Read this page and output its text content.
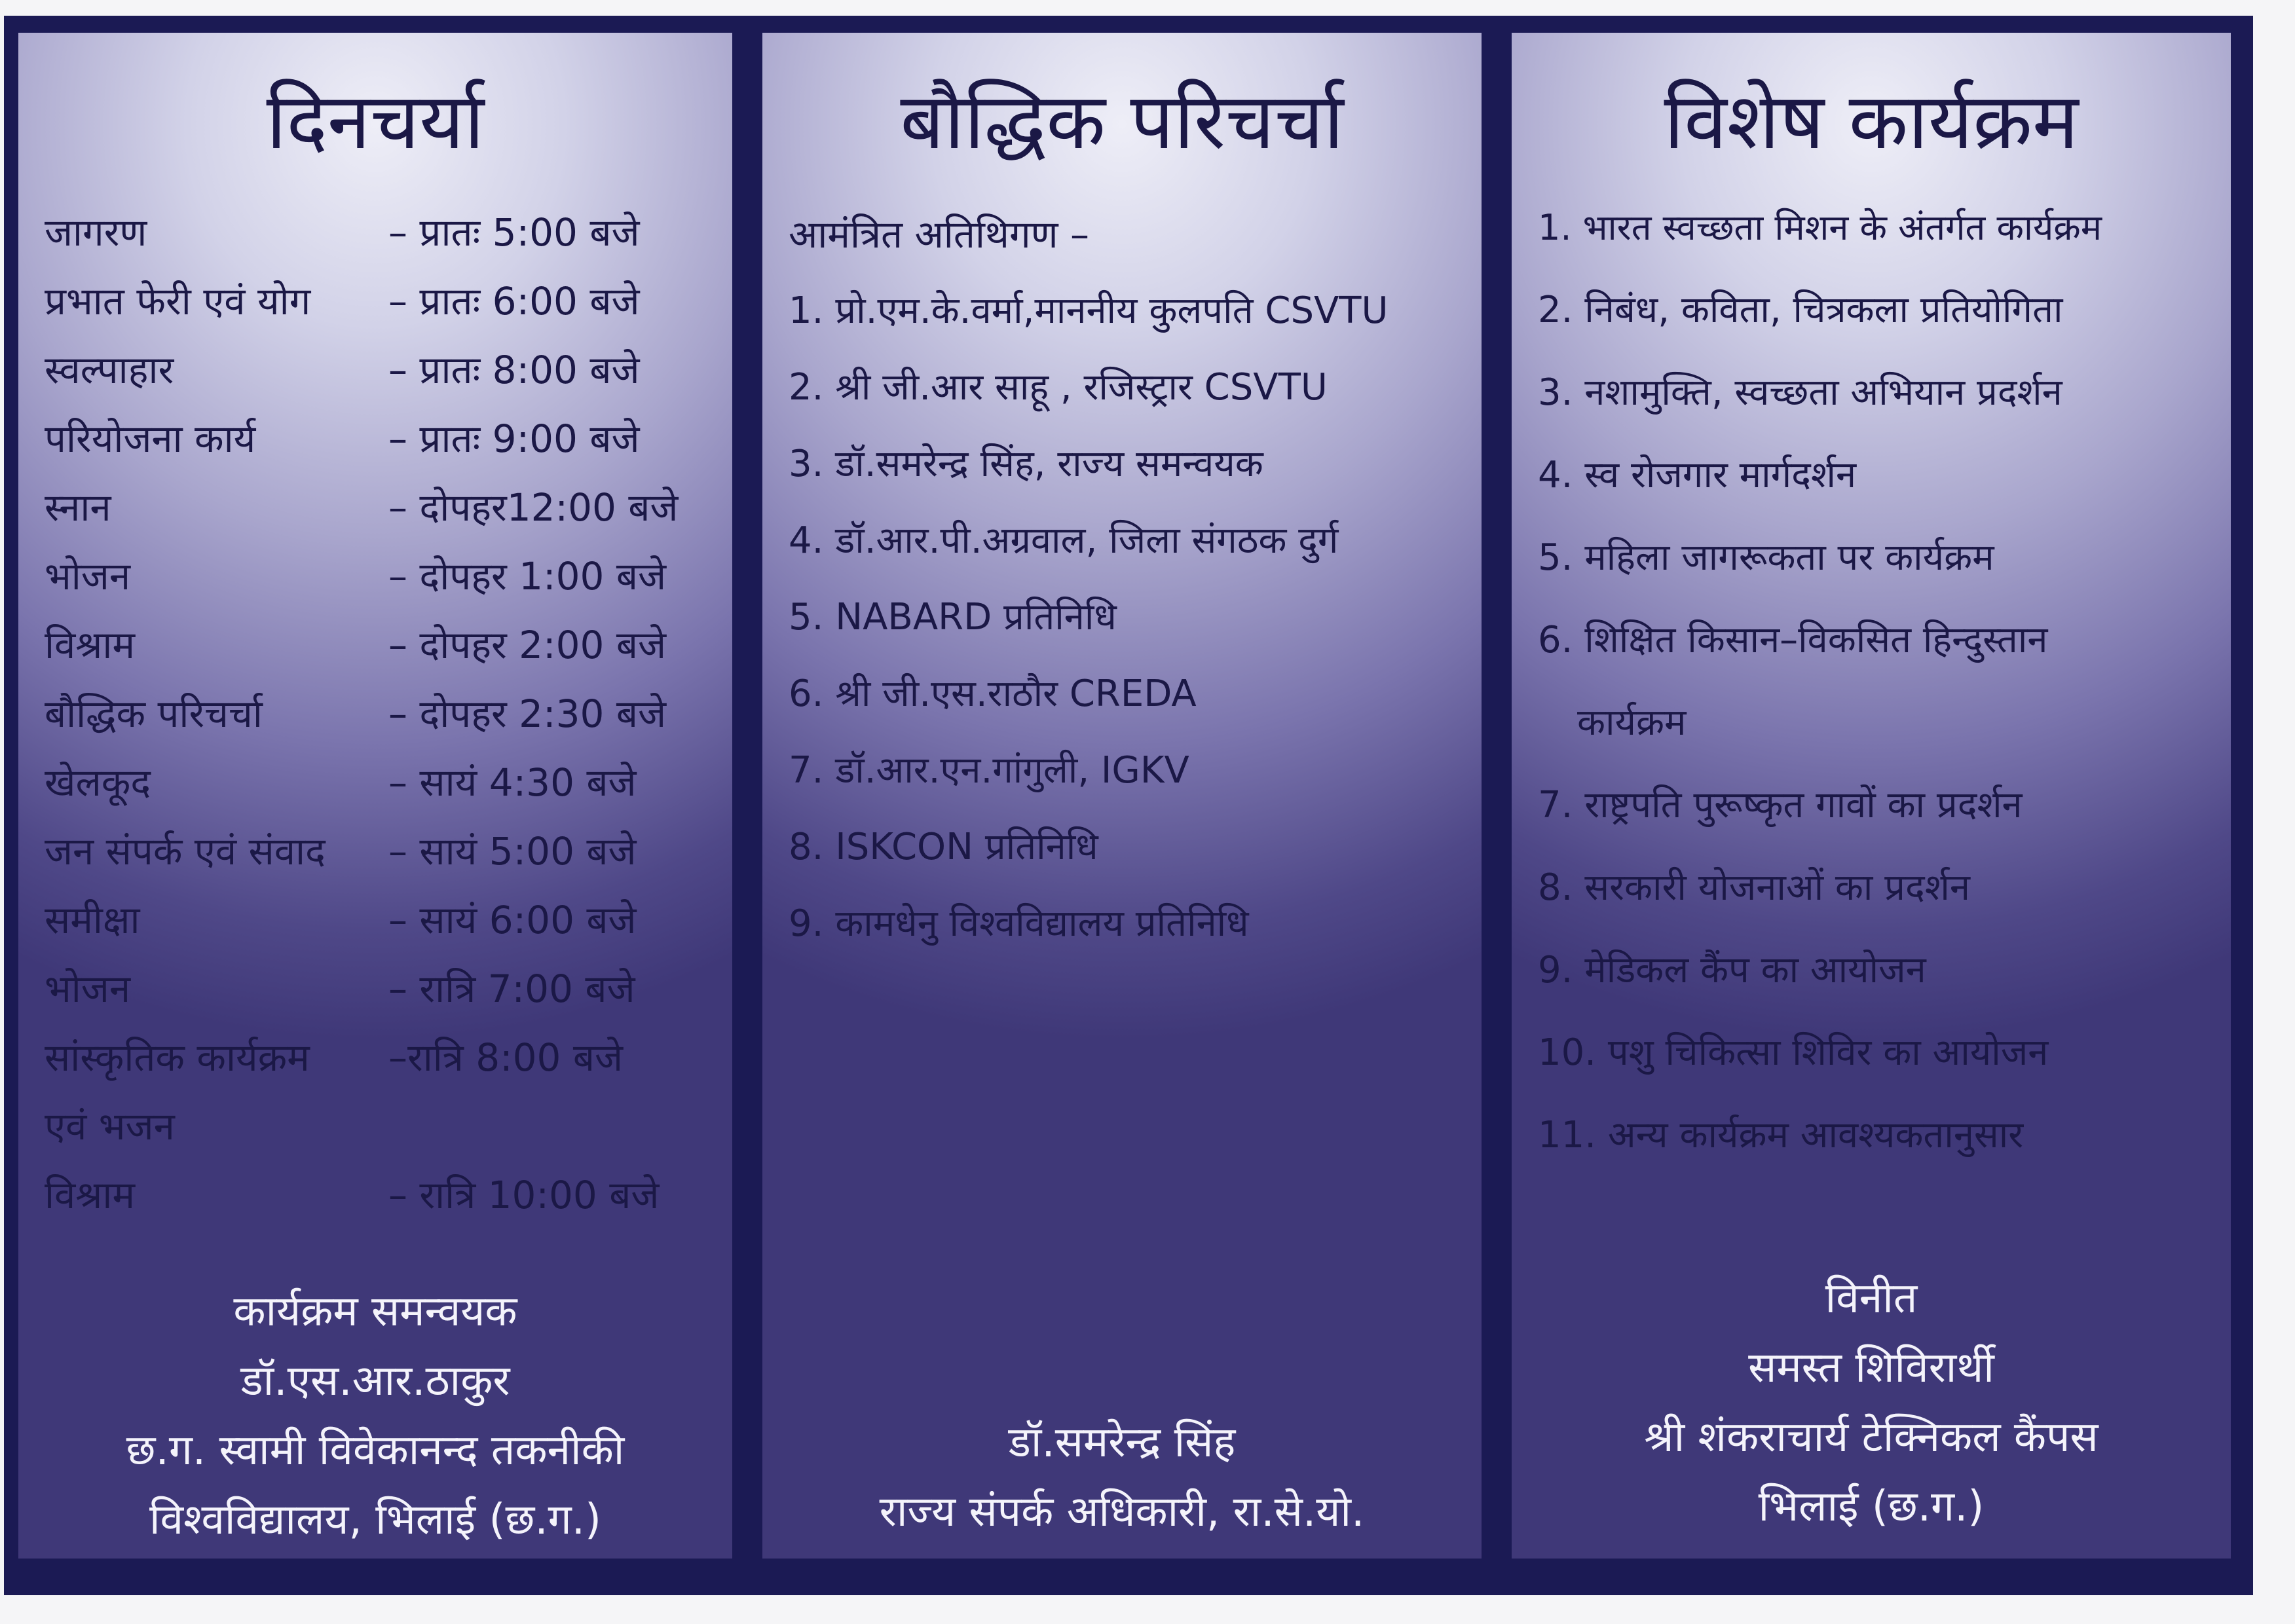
दिनचर्या
जागरण	– प्रातः 5:00 बजे
प्रभात फेरी एवं योग – प्रातः 6:00 बजे
स्वल्पाहार	– प्रातः 8:00 बजे
परियोजना कार्य	– प्रातः 9:00 बजे
स्नान	– दोपहर12:00 बजे
भोजन	– दोपहर 1:00 बजे
विश्राम	– दोपहर 2:00 बजे
बौद्धिक परिचर्चा	– दोपहर 2:30 बजे
खेलकूद	– सायं 4:30 बजे
जन संपर्क एवं संवाद – सायं 5:00 बजे
समीक्षा	– सायं 6:00 बजे
भोजन	– रात्रि 7:00 बजे
सांस्कृतिक कार्यक्रम –रात्रि 8:00 बजे
एवं भजन
विश्राम	– रात्रि 10:00 बजे
कार्यक्रम समन्वयक
डॉ.एस.आर.ठाकुर
छ.ग. स्वामी विवेकानन्द तकनीकी
विश्वविद्यालय, भिलाई (छ.ग.)
बौद्धिक परिचर्चा
आमंत्रित अतिथिगण –
1. प्रो.एम.के.वर्मा,माननीय कुलपति CSVTU
2. श्री जी.आर साहू , रजिस्ट्रार CSVTU
3. डॉ.समरेन्द्र सिंह, राज्य समन्वयक
4. डॉ.आर.पी.अग्रवाल, जिला संगठक दुर्ग
5. NABARD प्रतिनिधि
6. श्री जी.एस.राठौर CREDA
7. डॉ.आर.एन.गांगुली, IGKV
8. ISKCON प्रतिनिधि
9. कामधेनु विश्वविद्यालय प्रतिनिधि
डॉ.समरेन्द्र सिंह
राज्य संपर्क अधिकारी, रा.से.यो.
विशेष कार्यक्रम
1. भारत स्वच्छता मिशन के अंतर्गत कार्यक्रम
2. निबंध, कविता, चित्रकला प्रतियोगिता
3. नशामुक्ति, स्वच्छता अभियान प्रदर्शन
4. स्व रोजगार मार्गदर्शन
5. महिला जागरूकता पर कार्यक्रम
6. शिक्षित किसान–विकसित हिन्दुस्तान
कार्यक्रम
7. राष्ट्रपति पुरूष्कृत गावों का प्रदर्शन
8. सरकारी योजनाओं का प्रदर्शन
9. मेडिकल कैंप का आयोजन
10. पशु चिकित्सा शिविर का आयोजन
11. अन्य कार्यक्रम आवश्यकतानुसार
विनीत
समस्त शिविरार्थी
श्री शंकराचार्य टेक्निकल कैंपस
भिलाई (छ.ग.)
